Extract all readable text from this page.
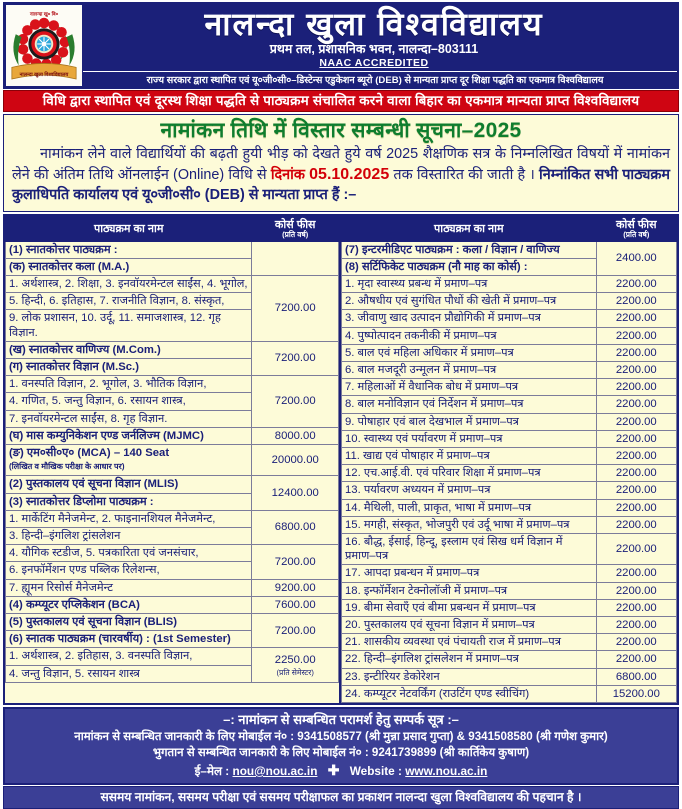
नालन्दा खु० वि०
नालन्दा खुला विश्वविद्यालय
नालन्दा खुला विश्वविद्यालय
प्रथम तल, प्रशासनिक भवन, नालन्दा–803111
NAAC ACCREDITED
राज्य सरकार द्वारा स्थापित एवं यू०जी०सी०–डिस्टेन्स एडुकेशन ब्यूरो (DEB) से मान्यता प्राप्त दूर शिक्षा पद्धति का एकमात्र विश्वविद्यालय
विधि द्वारा स्थापित एवं दूरस्थ शिक्षा पद्धति से पाठ्यक्रम संचालित करने वाला बिहार का एकमात्र मान्यता प्राप्त विश्वविद्यालय
नामांकन तिथि में विस्तार सम्बन्धी सूचना–2025

नामांकन लेने वाले विद्यार्थियों की बढ़ती हुयी भीड़ को देखते हुये वर्ष 2025 शैक्षणिक सत्र के निम्नलिखित विषयों में नामांकन लेने की अंतिम तिथि ऑनलाईन (Online) विधि से दिनांक 05.10.2025 तक विस्तारित की जाती है । निम्नांकित सभी पाठ्यक्रम कुलाधिपति कार्यालय एवं यू०जी०सी० (DEB) से मान्यता प्राप्त हैं :–

पाठ्यक्रम का नाम	कोर्स फीस
(प्रति वर्ष)

(1) स्नातकोत्तर पाठ्यक्रम :	
(क) स्नातकोत्तर कला (M.A.)	
1. अर्थशास्त्र, 2. शिक्षा, 3. इनवॉयरमेन्टल साईंस, 4. भूगोल,	7200.00
5. हिन्दी, 6. इतिहास, 7. राजनीति विज्ञान, 8. संस्कृत,	
9. लोक प्रशासन, 10. उर्दू, 11. समाजशास्त्र, 12. गृह विज्ञान.	
(ख) स्नातकोत्तर वाणिज्य (M.Com.)	7200.00
(ग) स्नातकोत्तर विज्ञान (M.Sc.)	
1. वनस्पति विज्ञान, 2. भूगोल, 3. भौतिक विज्ञान,	7200.00
4. गणित, 5. जन्तु विज्ञान, 6. रसायन शास्त्र,	
7. इनवॉयरमेन्टल साईंस, 8. गृह विज्ञान.	
(घ) मास कम्युनिकेशन एण्ड जर्नलिज्म (MJMC)	8000.00
(ङ) एम०सी०ए० (MCA) – 140 Seat
(लिखित व मौखिक परीक्षा के आधार पर)	20000.00
(2) पुस्तकालय एवं सूचना विज्ञान (MLIS)	12400.00
(3) स्नातकोत्तर डिप्लोमा पाठ्यक्रम :	
1. मार्केटिंग मैनेजमेन्ट, 2. फाइनानशियल मैनेजमेन्ट,	6800.00
3. हिन्दी–इंगलिश ट्रांसलेशन	
4. यौगिक स्टडीज, 5. पत्रकारिता एवं जनसंचार,	7200.00
6. इनफॉर्मेशन एण्ड पब्लिक रिलेशन्स,	
7. ह्यूमन रिसोर्स मैनेजमेन्ट	9200.00
(4) कम्प्यूटर एप्लिकेशन (BCA)	7600.00
(5) पुस्तकालय एवं सूचना विज्ञान (BLIS)	7200.00
(6) स्नातक पाठ्यक्रम (चारवर्षीय) : (1st Semester)	
1. अर्थशास्त्र, 2. इतिहास, 3. वनस्पति विज्ञान,	2250.00
(प्रति सेमेस्टर)

4. जन्तु विज्ञान, 5. रसायन शास्त्र	
पाठ्यक्रम का नाम	कोर्स फीस
(प्रति वर्ष)

(7) इन्टरमीडिएट पाठ्यक्रम : कला / विज्ञान / वाणिज्य	2400.00
(8) सर्टिफिकेट पाठ्यक्रम (नौ माह का कोर्स) :	
1. मृदा स्वास्थ्य प्रबन्ध में प्रमाण–पत्र	2200.00
2. औषधीय एवं सुगंधित पौधों की खेती में प्रमाण–पत्र	2200.00
3. जीवाणु खाद उत्पादन प्रौद्योगिकी में प्रमाण–पत्र	2200.00
4. पुष्पोत्पादन तकनीकी में प्रमाण–पत्र	2200.00
5. बाल एवं महिला अधिकार में प्रमाण–पत्र	2200.00
6. बाल मजदूरी उन्मूलन में प्रमाण–पत्र	2200.00
7. महिलाओं में वैधानिक बोध में प्रमाण–पत्र	2200.00
8. बाल मनोविज्ञान एवं निर्देशन में प्रमाण–पत्र	2200.00
9. पोषाहार एवं बाल देखभाल में प्रमाण–पत्र	2200.00
10. स्वास्थ्य एवं पर्यावरण में प्रमाण–पत्र	2200.00
11. खाद्य एवं पोषाहार में प्रमाण–पत्र	2200.00
12. एच.आई.वी. एवं परिवार शिक्षा में प्रमाण–पत्र	2200.00
13. पर्यावरण अध्ययन में प्रमाण–पत्र	2200.00
14. मैथिली, पाली, प्राकृत, भाषा में प्रमाण–पत्र	2200.00
15. मगही, संस्कृत, भोजपुरी एवं उर्दू भाषा में प्रमाण–पत्र	2200.00
16. बौद्ध, ईसाई, हिन्दू, इस्लाम एवं सिख धर्म विज्ञान में प्रमाण–पत्र	2200.00
17. आपदा प्रबन्धन में प्रमाण–पत्र	2200.00
18. इन्फॉर्मेशन टेक्नोलॉजी में प्रमाण–पत्र	2200.00
19. बीमा सेवाएँ एवं बीमा प्रबन्धन में प्रमाण–पत्र	2200.00
20. पुस्तकालय एवं सूचना विज्ञान में प्रमाण–पत्र	2200.00
21. शासकीय व्यवस्था एवं पंचायती राज में प्रमाण–पत्र	2200.00
22. हिन्दी–इंगलिश ट्रांसलेशन में प्रमाण–पत्र	2200.00
23. इन्टीरियर डेकोरेशन	6800.00
24. कम्प्यूटर नेटवर्किंग (राउटिंग एण्ड स्वीचिंग)	15200.00
–: नामांकन से सम्बन्धित परामर्श हेतु सम्पर्क सूत्र :–
नामांकन से सम्बन्धित जानकारी के लिए मोबाईल नं० : 9341508577 (श्री मुन्ना प्रसाद गुप्ता) & 9341508580 (श्री गणेश कुमार)
भुगतान से सम्बन्धित जानकारी के लिए मोबाईल नं० : 9241739899 (श्री कार्तिकेय कुषाण)
ई–मेल : nou@nou.ac.in ✚ Website : www.nou.ac.in
ससमय नामांकन, ससमय परीक्षा एवं ससमय परीक्षाफल का प्रकाशन नालन्दा खुला विश्वविद्यालय की पहचान है ।
